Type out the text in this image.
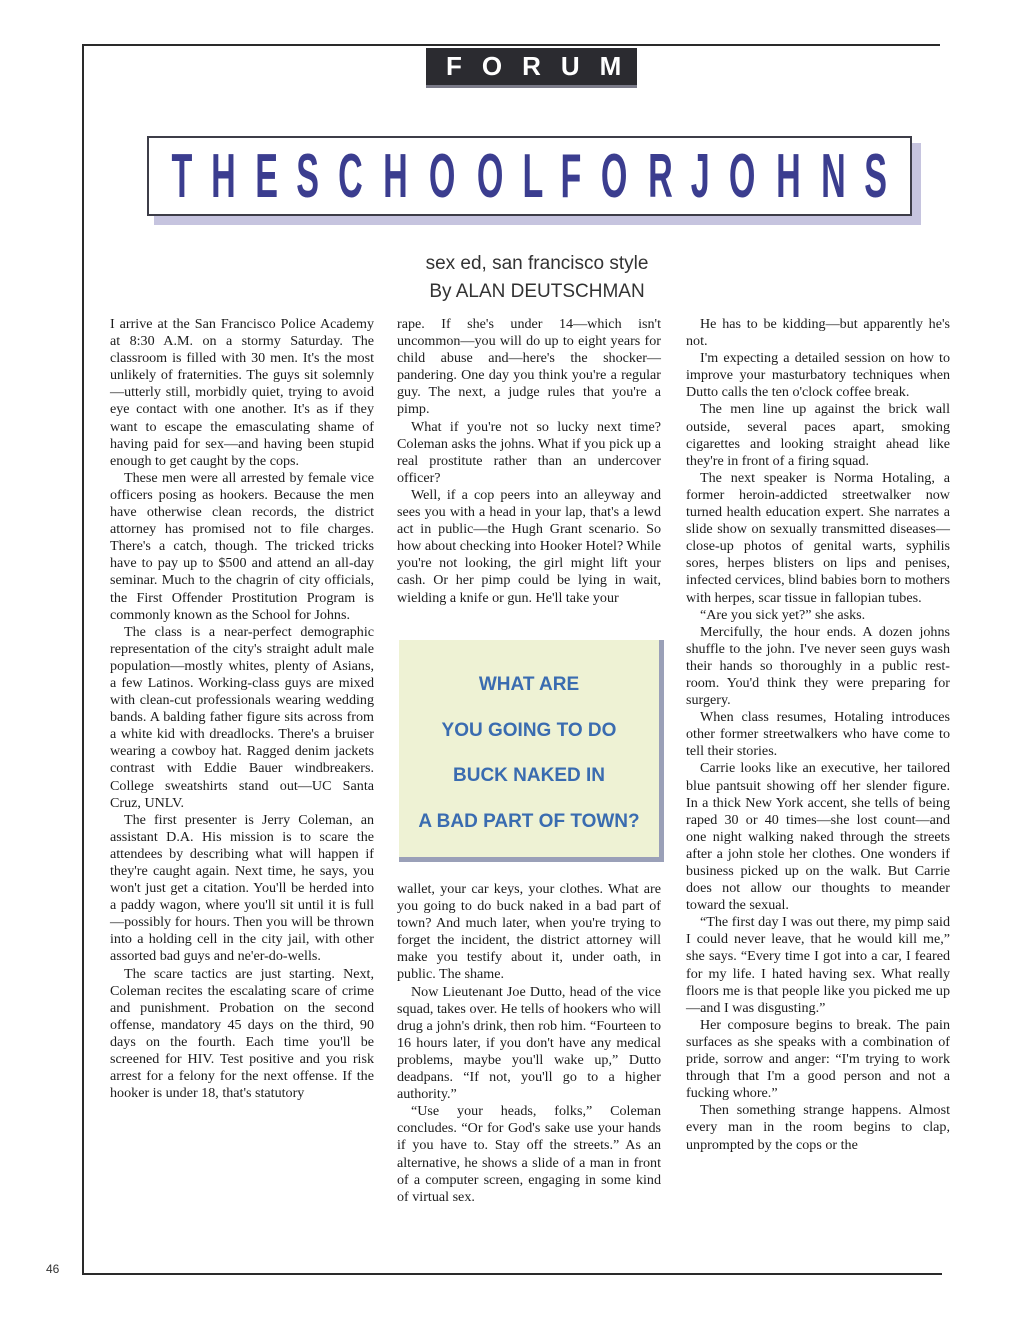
FORUM
T H E S C H O O L F O R J O H N S
sex ed, san francisco style
By ALAN DEUTSCHMAN

I arrive at the San Francisco Police Academy at 8:30 A.M. on a stormy Saturday. The classroom is filled with 30 men. It's the most unlikely of fraternities. The guys sit solemnly—utterly still, morbidly quiet, trying to avoid eye contact with one another. It's as if they want to escape the emasculating shame of having paid for sex—and having been stupid enough to get caught by the cops.

These men were all arrested by female vice officers posing as hookers. Because the men have otherwise clean records, the district attorney has promised not to file charges. There's a catch, though. The tricked tricks have to pay up to $500 and attend an all-day seminar. Much to the chagrin of city officials, the First Offender Prostitution Program is commonly known as the School for Johns.

The class is a near-perfect demographic representation of the city's straight adult male population—mostly whites, plenty of Asians, a few Latinos. Working-class guys are mixed with clean-cut professionals wearing wedding bands. A balding father figure sits across from a white kid with dreadlocks. There's a bruiser wearing a cowboy hat. Ragged denim jackets contrast with Eddie Bauer windbreakers. College sweatshirts stand out—UC Santa Cruz, UNLV.

The first presenter is Jerry Coleman, an assistant D.A. His mission is to scare the attendees by describing what will happen if they're caught again. Next time, he says, you won't just get a citation. You'll be herded into a paddy wagon, where you'll sit until it is full—possibly for hours. Then you will be thrown into a holding cell in the city jail, with other assorted bad guys and ne'er-do-wells.

The scare tactics are just starting. Next, Coleman recites the escalating scare of crime and punishment. Probation on the second offense, mandatory 45 days on the third, 90 days on the fourth. Each time you'll be screened for HIV. Test positive and you risk arrest for a felony for the next offense. If the hooker is under 18, that's statutory

rape. If she's under 14—which isn't uncommon—you will do up to eight years for child abuse and—here's the shocker—pandering. One day you think you're a regular guy. The next, a judge rules that you're a pimp.

What if you're not so lucky next time? Coleman asks the johns. What if you pick up a real prostitute rather than an undercover officer?

Well, if a cop peers into an alleyway and sees you with a head in your lap, that's a lewd act in public—the Hugh Grant scenario. So how about checking into Hooker Hotel? While you're not looking, the girl might lift your cash. Or her pimp could be lying in wait, wielding a knife or gun. He'll take your

WHAT ARE
YOU GOING TO DO
BUCK NAKED IN
A BAD PART OF TOWN?

wallet, your car keys, your clothes. What are you going to do buck naked in a bad part of town? And much later, when you're trying to forget the incident, the district attorney will make you testify about it, under oath, in public. The shame.

Now Lieutenant Joe Dutto, head of the vice squad, takes over. He tells of hookers who will drug a john's drink, then rob him. “Fourteen to 16 hours later, if you don't have any medical problems, maybe you'll wake up,” Dutto deadpans. “If not, you'll go to a higher authority.”

“Use your heads, folks,” Coleman concludes. “Or for God's sake use your hands if you have to. Stay off the streets.” As an alternative, he shows a slide of a man in front of a computer screen, engaging in some kind of virtual sex.

He has to be kidding—but apparently he's not.

I'm expecting a detailed session on how to improve your masturbatory techniques when Dutto calls the ten o'clock coffee break.

The men line up against the brick wall outside, several paces apart, smoking cigarettes and looking straight ahead like they're in front of a firing squad.

The next speaker is Norma Hotaling, a former heroin-addicted streetwalker now turned health education expert. She narrates a slide show on sexually transmitted diseases—close-up photos of genital warts, syphilis sores, herpes blisters on lips and penises, infected cervices, blind babies born to mothers with herpes, scar tissue in fallopian tubes.

“Are you sick yet?” she asks.

Mercifully, the hour ends. A dozen johns shuffle to the john. I've never seen guys wash their hands so thoroughly in a public rest-room. You'd think they were preparing for surgery.

When class resumes, Hotaling introduces other former streetwalkers who have come to tell their stories.

Carrie looks like an executive, her tailored blue pantsuit showing off her slender figure. In a thick New York accent, she tells of being raped 30 or 40 times—she lost count—and one night walking naked through the streets after a john stole her clothes. One wonders if business picked up on the walk. But Carrie does not allow our thoughts to meander toward the sexual.

“The first day I was out there, my pimp said I could never leave, that he would kill me,” she says. “Every time I got into a car, I feared for my life. I hated having sex. What really floors me is that people like you picked me up—and I was disgusting.”

Her composure begins to break. The pain surfaces as she speaks with a combination of pride, sorrow and anger: “I'm trying to work through that I'm a good person and not a fucking whore.”

Then something strange happens. Almost every man in the room begins to clap, unprompted by the cops or the

46
